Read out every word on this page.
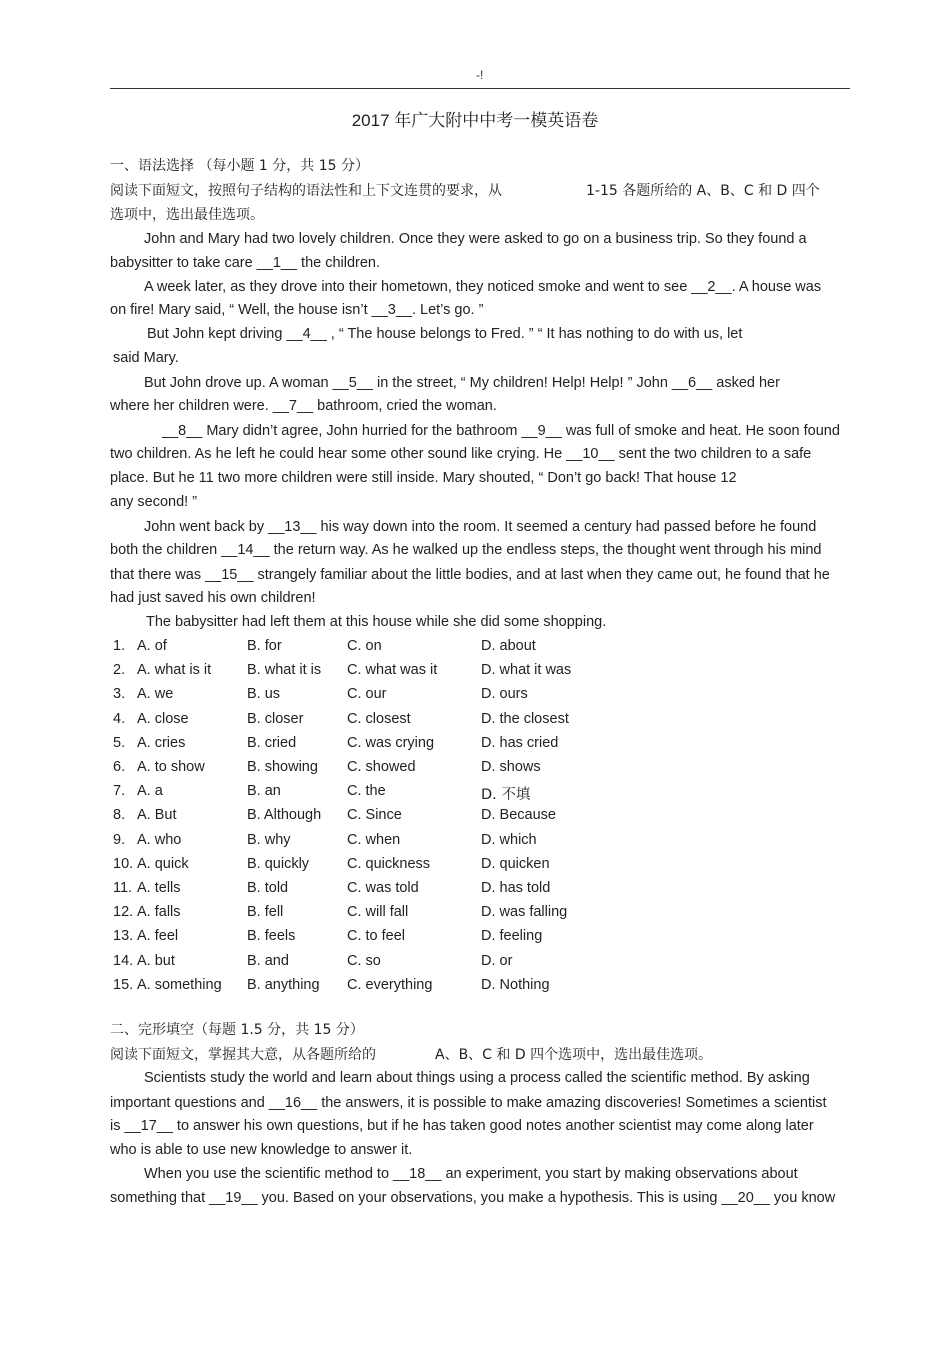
-!
2017 年广大附中中考一模英语卷
一、语法选择 （每小题 1 分，共 15 分）
阅读下面短文，按照句子结构的语法性和上下文连贯的要求，从	1-15 各题所给的 A、B、C 和 D 四个
选项中，选出最佳选项。
John and Mary had two lovely children. Once they were asked to go on a business trip. So they found a
babysitter to take care __1__ the children.
A week later, as they drove into their hometown, they noticed smoke and went to see __2__. A house was
on fire! Mary said, “ Well, the house isn’t __3__. Let’s go. ”
But John kept driving __4__ , “ The house belongs to Fred. ” “ It has nothing to do with us, let
said Mary.
But John drove up. A woman __5__ in the street, “ My children! Help! Help! ” John __6__ asked her
where her children were. __7__ bathroom, cried the woman.
__8__ Mary didn’t agree, John hurried for the bathroom __9__ was full of smoke and heat. He soon found
two children. As he left he could hear some other sound like crying. He __10__ sent the two children to a safe
place. But he 11 two more children were still inside. Mary shouted, “ Don’t go back! That house 12
any second! ”
John went back by __13__ his way down into the room. It seemed a century had passed before he found
both the children __14__ the return way. As he walked up the endless steps, the thought went through his mind
that there was __15__ strangely familiar about the little bodies, and at last when they came out, he found that he
had just saved his own children!
The babysitter had left them at this house while she did some shopping.
1. A. of	B. for	C. on	D. about
2. A. what is it B. what it is C. what was it	D. what it was
3. A. we	B. us	C. our	D. ours
4. A. close	B. closer	C. closest	D. the closest
5. A. cries	B. cried	C. was crying	D. has cried
6. A. to show	B. showing C. showed	D. shows
7. A. a	B. an	C. the	D. 不填
8. A. But	B. Although C. Since	D. Because
9. A. who	B. why	C. when	D. which
10. A. quick	B. quickly	C. quickness	D. quicken
11. A. tells	B. told	C. was told	D. has told
12. A. falls	B. fell	C. will fall	D. was falling
13. A. feel	B. feels	C. to feel	D. feeling
14. A. but	B. and	C. so	D. or
15. A. something B. anything C. everything	D. Nothing
二、完形填空（每题 1.5 分，共 15 分）
阅读下面短文，掌握其大意，从各题所给的	A、B、C 和 D 四个选项中，选出最佳选项。
Scientists study the world and learn about things using a process called the scientific method. By asking
important questions and __16__ the answers, it is possible to make amazing discoveries! Sometimes a scientist
is __17__ to answer his own questions, but if he has taken good notes another scientist may come along later
who is able to use new knowledge to answer it.
When you use the scientific method to __18__ an experiment, you start by making observations about
something that __19__ you. Based on your observations, you make a hypothesis. This is using __20__ you know
